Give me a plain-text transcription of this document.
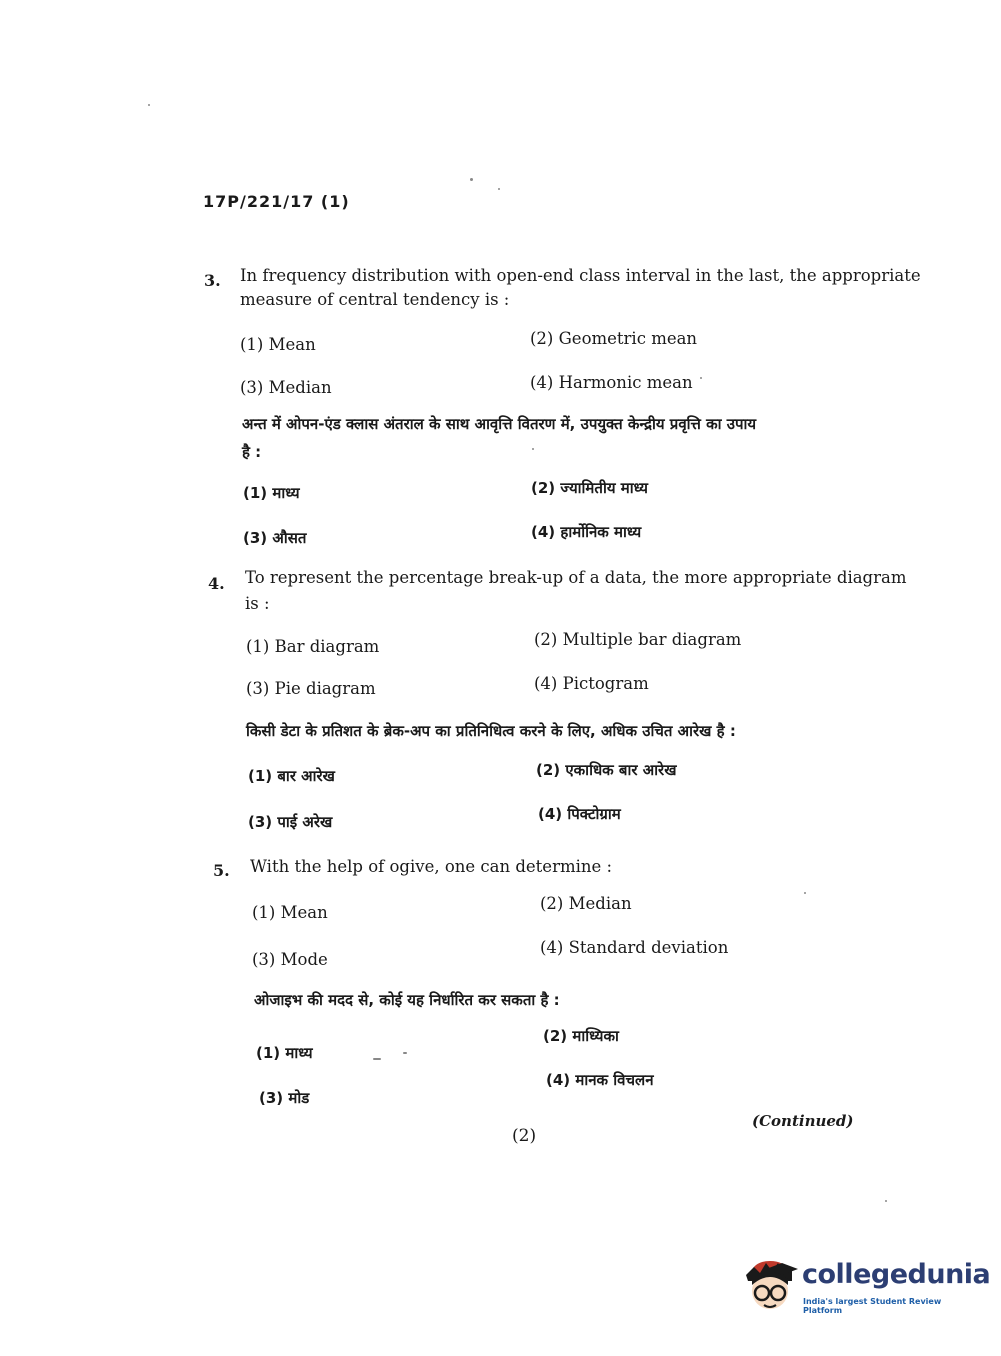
17P/221/17 (1)
3. In frequency distribution with open-end class interval in the last, the appropriate
measure of central tendency is :
(1) Mean	(2) Geometric mean
(3) Median	(4) Harmonic mean
अन्त में ओपन-एंड क्लास अंतराल के साथ आवृत्ति वितरण में, उपयुक्त केन्द्रीय प्रवृत्ति का उपाय
है :
(1) माध्य	(2) ज्यामितीय माध्य
(3) औसत	(4) हार्मोनिक माध्य
4. To represent the percentage break-up of a data, the more appropriate diagram
is :
(1) Bar diagram	(2) Multiple bar diagram
(3) Pie diagram	(4) Pictogram
किसी डेटा के प्रतिशत के ब्रेक-अप का प्रतिनिधित्व करने के लिए, अधिक उचित आरेख है :
(1) बार आरेख	(2) एकाधिक बार आरेख
(3) पाई अरेख	(4) पिक्टोग्राम
5. With the help of ogive, one can determine :
(1) Mean	(2) Median
(3) Mode
(4) Standard deviation
ओजाइभ की मदद से, कोई यह निर्धारित कर सकता है :
(1) माध्य
(2) माध्यिका
(3) मोड
(4) मानक विचलन
(2)
(Continued)
collegedunia
India's largest Student Review Platform
